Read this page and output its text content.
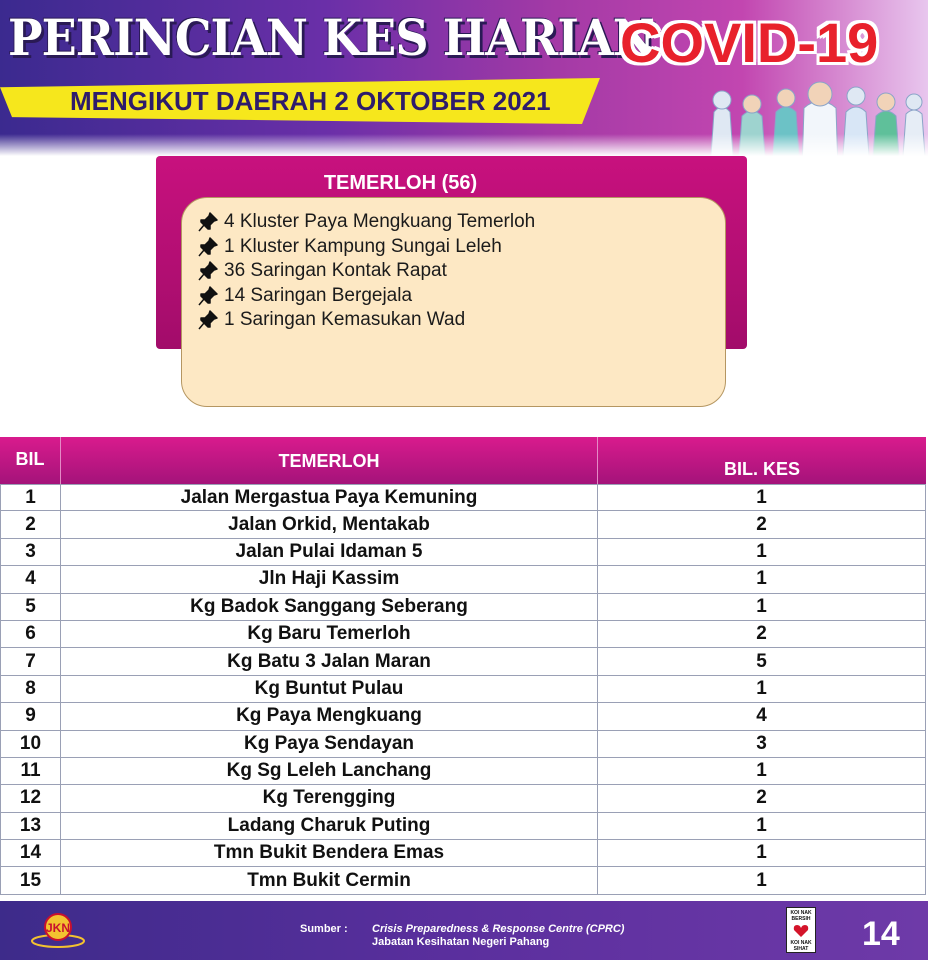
PERINCIAN KES HARIAN
COVID-19
MENGIKUT DAERAH 2 OKTOBER 2021
TEMERLOH (56)
4 Kluster Paya Mengkuang Temerloh
1 Kluster Kampung Sungai Leleh
36 Saringan Kontak Rapat
14 Saringan Bergejala
1 Saringan Kemasukan Wad
BIL	TEMERLOH	BIL. KES
1	Jalan Mergastua Paya Kemuning	1
2	Jalan Orkid, Mentakab	2
3	Jalan Pulai Idaman 5	1
4	Jln Haji Kassim	1
5	Kg Badok Sanggang Seberang	1
6	Kg Baru Temerloh	2
7	Kg Batu 3 Jalan Maran	5
8	Kg Buntut Pulau	1
9	Kg Paya Mengkuang	4
10	Kg Paya Sendayan	3
11	Kg Sg Leleh Lanchang	1
12	Kg Terengging	2
13	Ladang Charuk Puting	1
14	Tmn Bukit Bendera Emas	1
15	Tmn Bukit Cermin	1
JKN	Sumber : Crisis Preparedness & Response Centre (CPRC)
Jabatan Kesihatan Negeri Pahang
KOI NAK BERSIH
KOI NAK SIHAT 14
